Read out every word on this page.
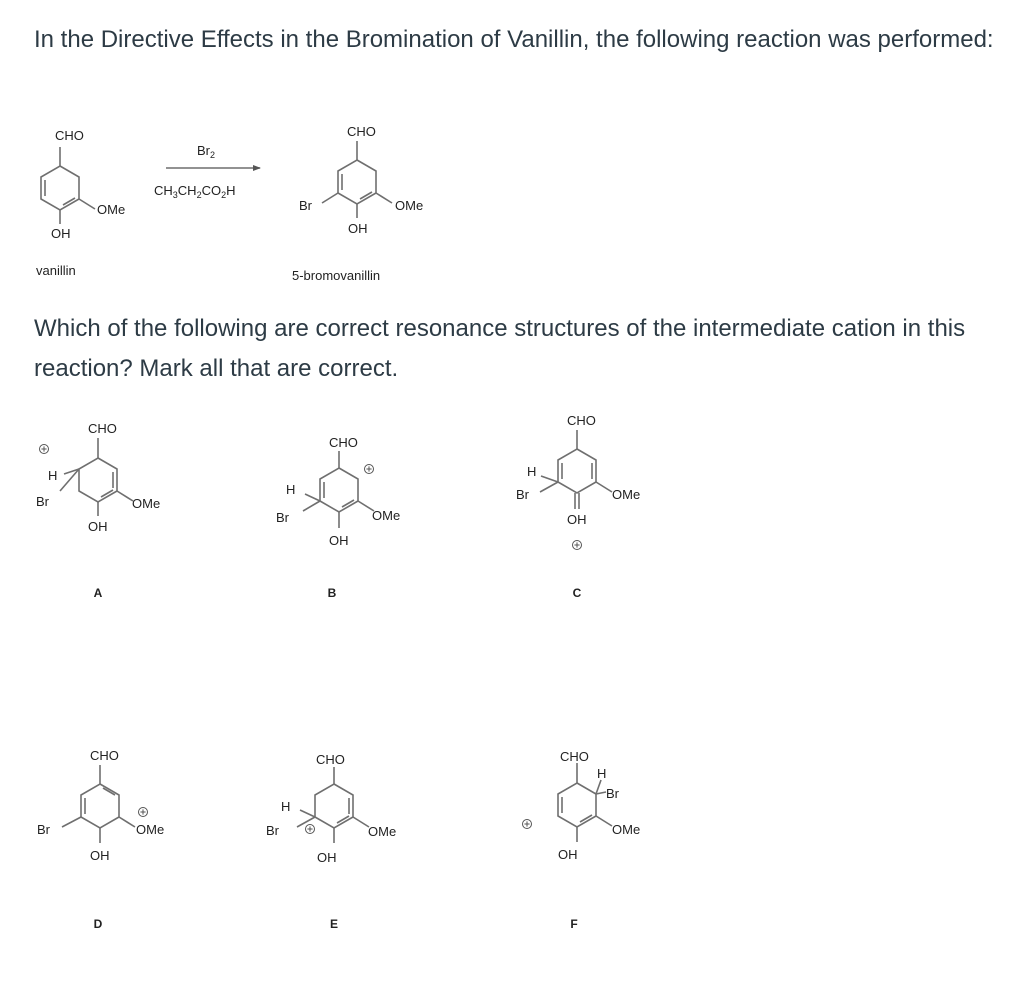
In the Directive Effects in the Bromination of Vanillin, the following reaction was performed:

Which of the following are correct resonance structures of the intermediate cation in this reaction? Mark all that are correct.

CHO
OMe
OH
vanillin
$Br_2$
$CH_3CH_2CO_2H$
CHO
OMe
Br
OH
5-bromovanillin
CHO
H
Br	OMe
OH
A
CHO
H
Br	OMe
OH
B
CHO
H
Br	OMe
OH
C
CHO
OMe
Br
OH
D
CHO
H
Br	OMe
OH
E
CHO
H
Br
OMe
OH
F
